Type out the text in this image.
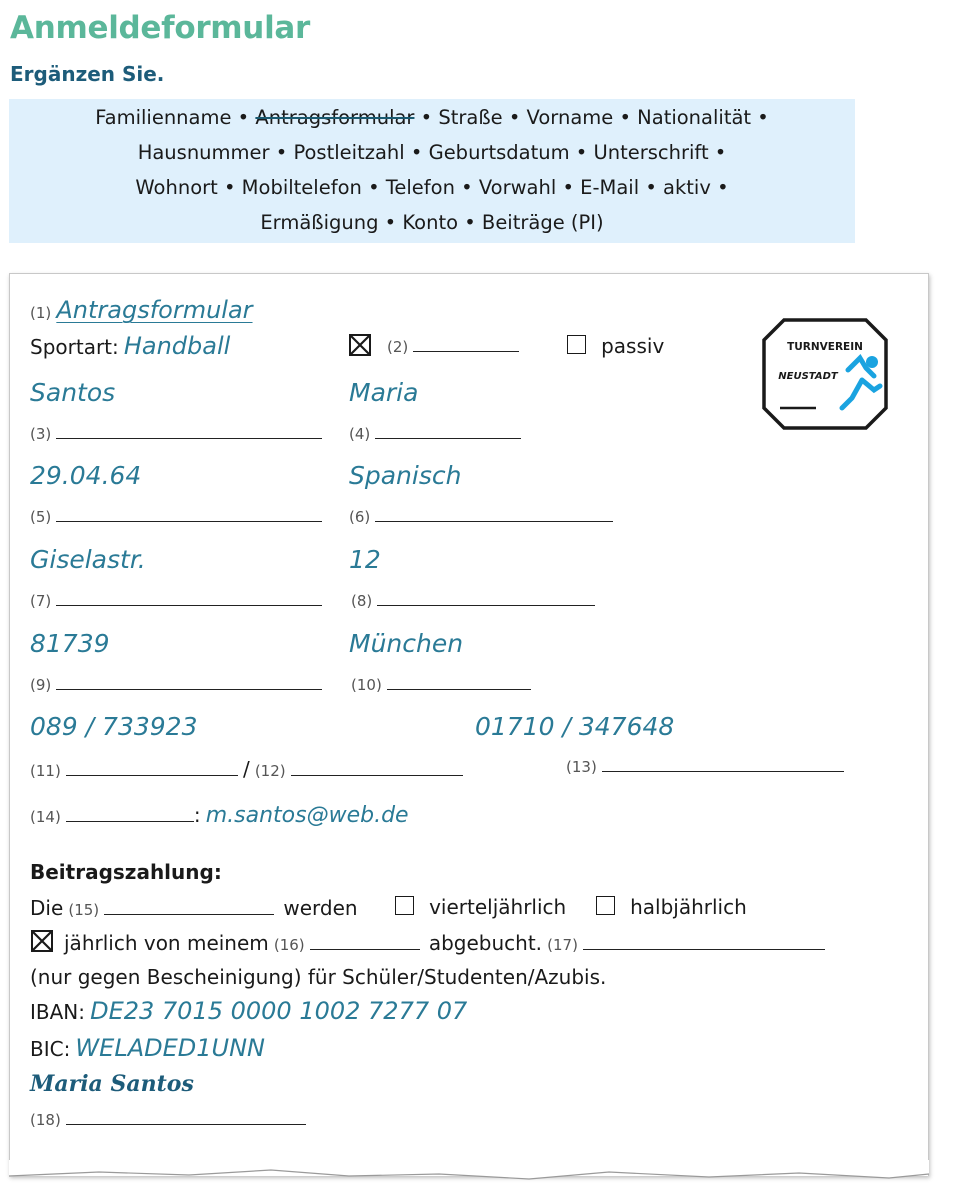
Anmeldeformular
Ergänzen Sie.
Familienname • Antragsformular • Straße • Vorname • Nationalität •
Hausnummer • Postleitzahl • Geburtsdatum • Unterschrift •
Wohnort • Mobiltelefon • Telefon • Vorwahl • E-Mail • aktiv •
Ermäßigung • Konto • Beiträge (PI)
(1) Antragsformular
Sportart: Handball	(2)	passiv	TURNVEREIN
NEUSTADT
Santos	Maria
(3)	(4)
29.04.64	Spanisch
(5)	(6)
Giselastr.	12
(7)	(8)
81739	München
(9)	(10)
089 / 733923	01710 / 347648
(11)	/ (12)	(13)
(14)	: m.santos@web.de
Beitragszahlung:
Die (15)	werden	vierteljährlich	halbjährlich
jährlich von meinem (16)	abgebucht. (17)
(nur gegen Bescheinigung) für Schüler/Studenten/Azubis.
IBAN: DE23 7015 0000 1002 7277 07
BIC: WELADED1UNN
Maria Santos
(18)
